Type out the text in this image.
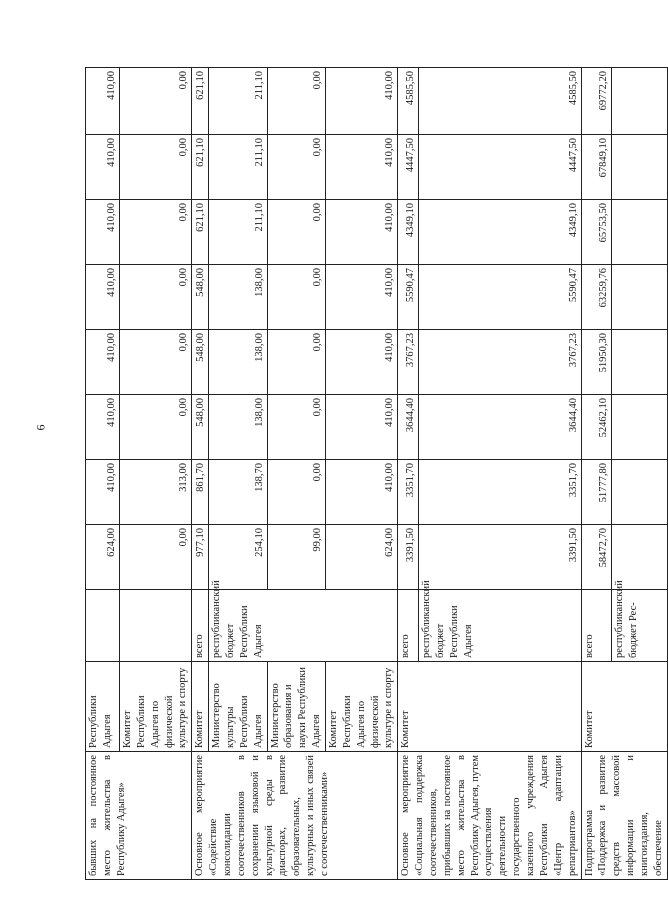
6
бывших на постоянное место жительства в Республику Адыгея»	Республики Адыгея		624,00	410,00	410,00	410,00	410,00	410,00	410,00	410,00
	Комитет Республики Адыгея по физической культуре и спорту		0,00	313,00	0,00	0,00	0,00	0,00	0,00	0,00

Основное мероприятие «Содействие консолидации соотечественников в сохранении языковой и культурной среды в диаспорах, развитие образовательных, культурных и иных связей с соотечественниками»	Комитет	всего	977,10	861,70	548,00	548,00	548,00	621,10	621,10	621,10
	Министерство культуры Республики Адыгея	республиканский бюджет Республики Адыгея	254,10	138,70	138,00	138,00	138,00	211,10	211,10	211,10
	Министерство образования и науки Республики Адыгея		99,00	0,00	0,00	0,00	0,00	0,00	0,00	0,00
	Комитет Республики Адыгея по физической культуре и спорту		624,00	410,00	410,00	410,00	410,00	410,00	410,00	410,00
Основное мероприятие «Социальная поддержка соотечественников, прибывших на постоянное место жительства в Республику Адыгея, путем осуществления деятельности государственного казенного учреждения Республики Адыгея «Центр адаптации репатриантов»	Комитет	всего	3391,50	3351,70	3644,40	3767,23	5590,47	4349,10	4447,50	4585,50
		республиканский бюджет Республики Адыгея	3391,50	3351,70	3644,40	3767,23	5590,47	4349,10	4447,50	4585,50
Подпрограмма «Поддержка и развитие средств массовой информации и книгоиздания, обеспечение	Комитет	всего	58472,70	51777,80	52462,10	51950,30	63259,76	65753,50	67849,10	69772,20
		республиканский бюджет Рес-								
